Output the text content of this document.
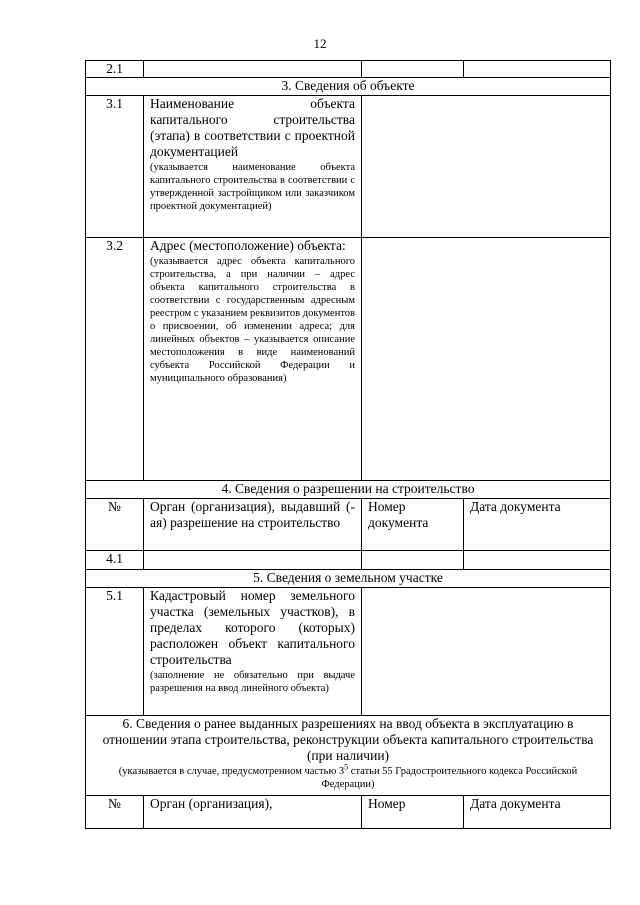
12
2.1			
3. Сведения об объекте			
3.1	Наименование объекта капитального строительства (этапа) в соответствии с проектной документацией
(указывается наименование объекта капитального строительства в соответствии с утвержденной застройщиком или заказчиком проектной документацией)		

3.2	Адрес (местоположение) объекта:
(указывается адрес объекта капитального строительства, а при наличии – адрес объекта капитального строительства в соответствии с государственным адресным реестром с указанием реквизитов документов о присвоении, об изменении адреса; для линейных объектов – указывается описание местоположения в виде наименований субъекта Российской Федерации и муниципального образования)		

4. Сведения о разрешении на строительство			
№	Орган (организация), выдавший (-ая) разрешение на строительство	Номер документа	Дата документа
4.1			
5. Сведения о земельном участке			
5.1	Кадастровый номер земельного участка (земельных участков), в пределах которого (которых) расположен объект капитального строительства
(заполнение не обязательно при выдаче разрешения на ввод линейного объекта)		

6. Сведения о ранее выданных разрешениях на ввод объекта в эксплуатацию в отношении этапа строительства, реконструкции объекта капитального строительства (при наличии)
(указывается в случае, предусмотренном частью $3^5$ статьи 55 Градостроительного кодекса Российской Федерации)			

№	Орган (организация),	Номер	Дата документа
